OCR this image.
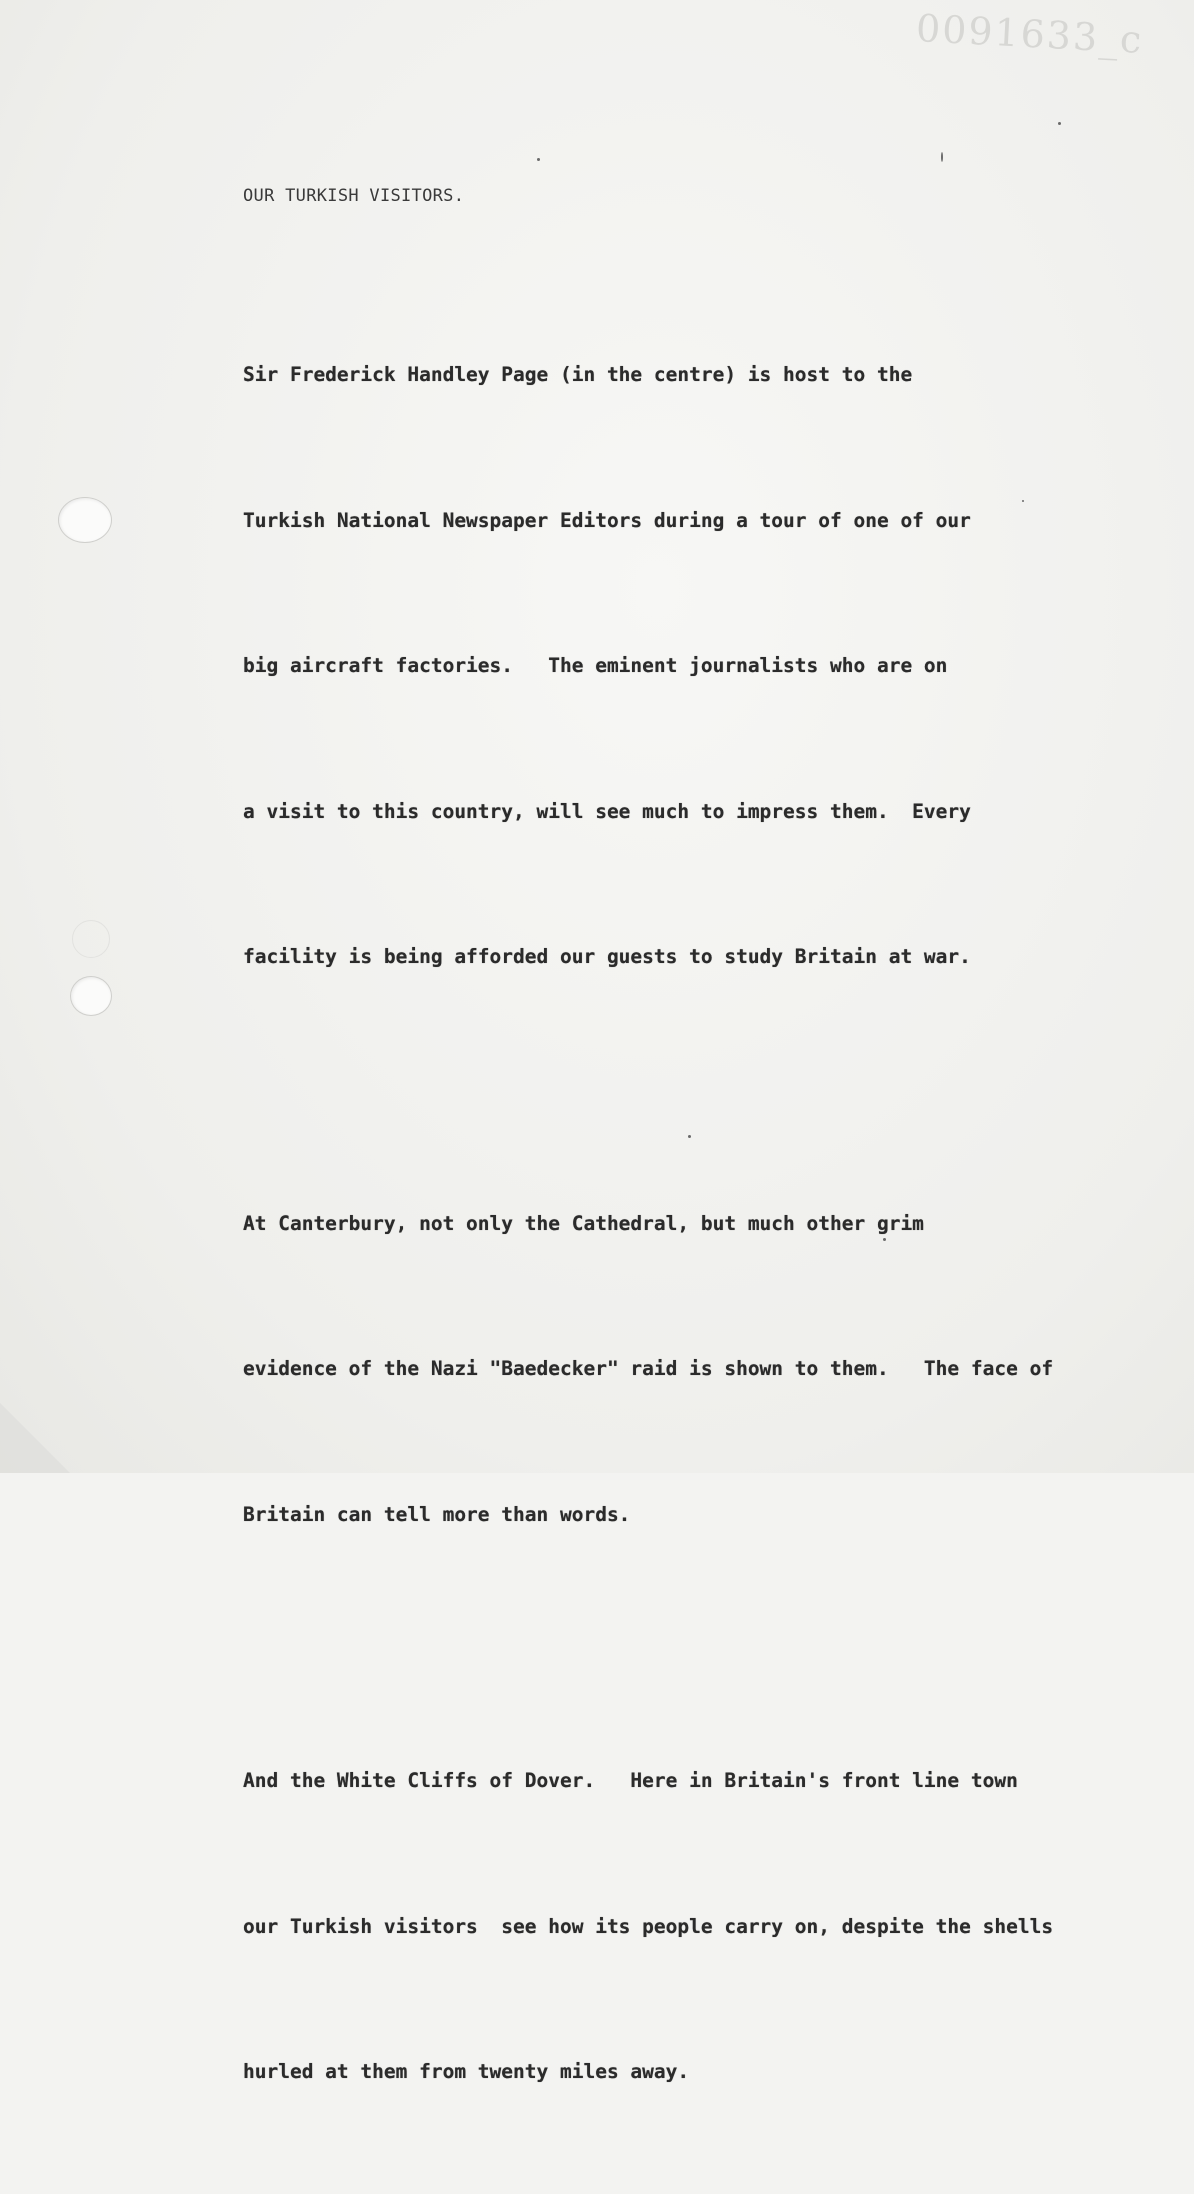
0091633_c
OUR TURKISH VISITORS.

Sir Frederick Handley Page (in the centre) is host to the

Turkish National Newspaper Editors during a tour of one of our

big aircraft factories.   The eminent journalists who are on

a visit to this country, will see much to impress them.  Every

facility is being afforded our guests to study Britain at war.

At Canterbury, not only the Cathedral, but much other grim

evidence of the Nazi "Baedecker" raid is shown to them.   The face of

Britain can tell more than words.

And the White Cliffs of Dover.   Here in Britain's front line town

our Turkish visitors  see how its people carry on, despite the shells

hurled at them from twenty miles away.
